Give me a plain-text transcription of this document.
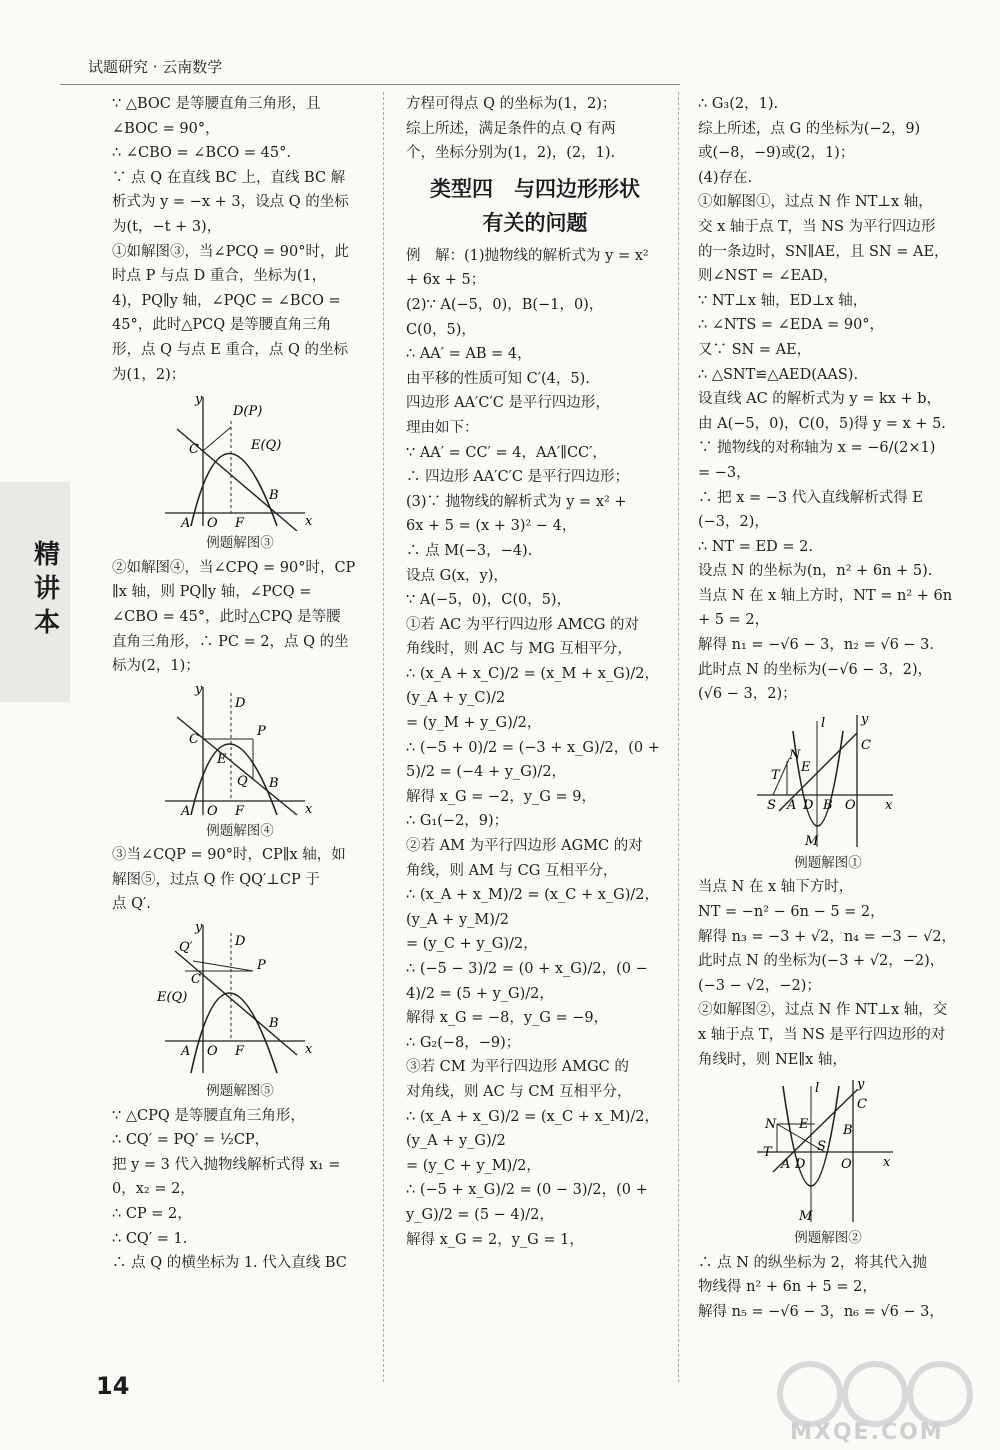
试题研究 · 云南数学
精讲本

∵ △BOC 是等腰直角三角形，且

∠BOC = 90°，

∴ ∠CBO = ∠BCO = 45°.

∵ 点 Q 在直线 BC 上，直线 BC 解

析式为 y = −x + 3，设点 Q 的坐标

为(t，−t + 3)，

①如解图③，当∠PCQ = 90°时，此

时点 P 与点 D 重合，坐标为(1，

4)，PQ∥y 轴，∠PQC = ∠BCO =

45°，此时△PCQ 是等腰直角三角

形，点 Q 与点 E 重合，点 Q 的坐标

为(1，2)；

y
x
D(P)
C	E(Q)
B
A O F

例题解图③

②如解图④，当∠CPQ = 90°时，CP

∥x 轴，则 PQ∥y 轴，∠PCQ =

∠CBO = 45°，此时△CPQ 是等腰

直角三角形，∴ PC = 2，点 Q 的坐

标为(2，1)；

y
x
D
P
C
E
Q B
A O F

例题解图④

③当∠CQP = 90°时，CP∥x 轴，如

解图⑤，过点 Q 作 QQ′⊥CP 于

点 Q′.

y
x
Q′	D
P
C
E(Q)
B
A O F

例题解图⑤

∵ △CPQ 是等腰直角三角形，

∴ CQ′ = PQ′ = ½CP，

把 y = 3 代入抛物线解析式得 x₁ =

0，x₂ = 2，

∴ CP = 2，

∴ CQ′ = 1.

∴ 点 Q 的横坐标为 1. 代入直线 BC

方程可得点 Q 的坐标为(1，2)；

综上所述，满足条件的点 Q 有两

个，坐标分别为(1，2)，(2，1).

类型四　与四边形形状
有关的问题

例　解：(1)抛物线的解析式为 y = x²

+ 6x + 5；

(2)∵ A(−5，0)，B(−1，0)，

C(0，5)，

∴ AA′ = AB = 4，

由平移的性质可知 C′(4，5).

四边形 AA′C′C 是平行四边形，

理由如下：

∵ AA′ = CC′ = 4，AA′∥CC′，

∴ 四边形 AA′C′C 是平行四边形；

(3)∵ 抛物线的解析式为 y = x² +

6x + 5 = (x + 3)² − 4，

∴ 点 M(−3，−4).

设点 G(x，y)，

∵ A(−5，0)，C(0，5)，

①若 AC 为平行四边形 AMCG 的对

角线时，则 AC 与 MG 互相平分，

∴ (x_A + x_C)/2 = (x_M + x_G)/2，(y_A + y_C)/2

= (y_M + y_G)/2，

∴ (−5 + 0)/2 = (−3 + x_G)/2，(0 + 5)/2 = (−4 + y_G)/2，

解得 x_G = −2，y_G = 9，

∴ G₁(−2，9)；

②若 AM 为平行四边形 AGMC 的对

角线，则 AM 与 CG 互相平分，

∴ (x_A + x_M)/2 = (x_C + x_G)/2，(y_A + y_M)/2

= (y_C + y_G)/2，

∴ (−5 − 3)/2 = (0 + x_G)/2，(0 − 4)/2 = (5 + y_G)/2，

解得 x_G = −8，y_G = −9，

∴ G₂(−8，−9)；

③若 CM 为平行四边形 AMGC 的

对角线，则 AC 与 CM 互相平分，

∴ (x_A + x_G)/2 = (x_C + x_M)/2，(y_A + y_G)/2

= (y_C + y_M)/2，

∴ (−5 + x_G)/2 = (0 − 3)/2，(0 + y_G)/2 = (5 − 4)/2，

解得 x_G = 2，y_G = 1，

∴ G₃(2，1).

综上所述，点 G 的坐标为(−2，9)

或(−8，−9)或(2，1)；

(4)存在.

①如解图①，过点 N 作 NT⊥x 轴，

交 x 轴于点 T，当 NS 为平行四边形

的一条边时，SN∥AE，且 SN = AE，

则∠NST = ∠EAD，

∵ NT⊥x 轴，ED⊥x 轴，

∴ ∠NTS = ∠EDA = 90°，

又∵ SN = AE，

∴ △SNT≌△AED(AAS).

设直线 AC 的解析式为 y = kx + b，

由 A(−5，0)，C(0，5)得 y = x + 5.

∵ 抛物线的对称轴为 x = −6/(2×1)

= −3，

∴ 把 x = −3 代入直线解析式得 E

(−3，2)，

∴ NT = ED = 2.

设点 N 的坐标为(n，n² + 6n + 5).

当点 N 在 x 轴上方时，NT = n² + 6n

+ 5 = 2，

解得 n₁ = −√6 − 3，n₂ = √6 − 3.

此时点 N 的坐标为(−√6 − 3，2)，

(√6 − 3，2)；

y
x
l
N
T
E
C
S A D B O
M

例题解图①

当点 N 在 x 轴下方时，

NT = −n² − 6n − 5 = 2，

解得 n₃ = −3 + √2，n₄ = −3 − √2，

此时点 N 的坐标为(−3 + √2，−2)，

(−3 − √2，−2)；

②如解图②，过点 N 作 NT⊥x 轴，交

x 轴于点 T，当 NS 是平行四边形的对

角线时，则 NE∥x 轴，

y
x
l
C
N E	B
T	S
A D	O
M

例题解图②

∴ 点 N 的纵坐标为 2，将其代入抛

物线得 n² + 6n + 5 = 2，

解得 n₅ = −√6 − 3，n₆ = √6 − 3，

14
MXQE.COM
